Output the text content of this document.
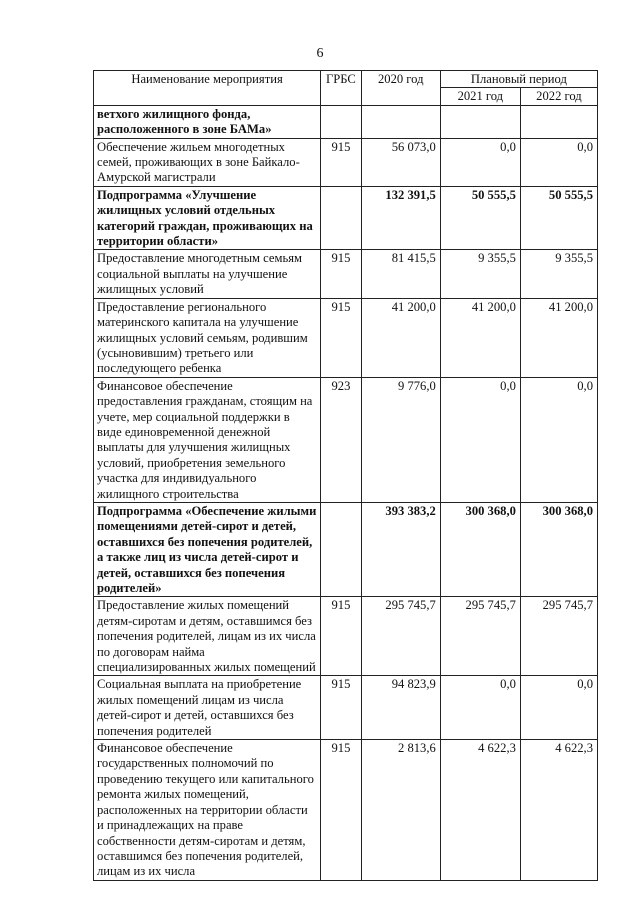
6
Наименование мероприятия	ГРБС	2020 год	Плановый период	
			2021 год	2022 год
ветхого жилищного фонда, расположенного в зоне БАМа»				
Обеспечение жильем многодетных семей, проживающих в зоне Байкало-Амурской магистрали	915	56 073,0	0,0	0,0
Подпрограмма «Улучшение жилищных условий отдельных категорий граждан, проживающих на территории области»		132 391,5	50 555,5	50 555,5
Предоставление многодетным семьям социальной выплаты на улучшение жилищных условий	915	81 415,5	9 355,5	9 355,5
Предоставление регионального материнского капитала на улучшение жилищных условий семьям, родившим (усыновившим) третьего или последующего ребенка	915	41 200,0	41 200,0	41 200,0
Финансовое обеспечение предоставления гражданам, стоящим на учете, мер социальной поддержки в виде единовременной денежной выплаты для улучшения жилищных условий, приобретения земельного участка для индивидуального жилищного строительства	923	9 776,0	0,0	0,0
Подпрограмма «Обеспечение жилыми помещениями детей-сирот и детей, оставшихся без попечения родителей, а также лиц из числа детей-сирот и детей, оставшихся без попечения родителей»		393 383,2	300 368,0	300 368,0
Предоставление жилых помещений детям-сиротам и детям, оставшимся без попечения родителей, лицам из их числа по договорам найма специализированных жилых помещений	915	295 745,7	295 745,7	295 745,7
Социальная выплата на приобретение жилых помещений лицам из числа детей-сирот и детей, оставшихся без попечения родителей	915	94 823,9	0,0	0,0
Финансовое обеспечение государственных полномочий по проведению текущего или капитального ремонта жилых помещений, расположенных на территории области и принадлежащих на праве собственности детям-сиротам и детям, оставшимся без попечения родителей, лицам из их числа	915	2 813,6	4 622,3	4 622,3
